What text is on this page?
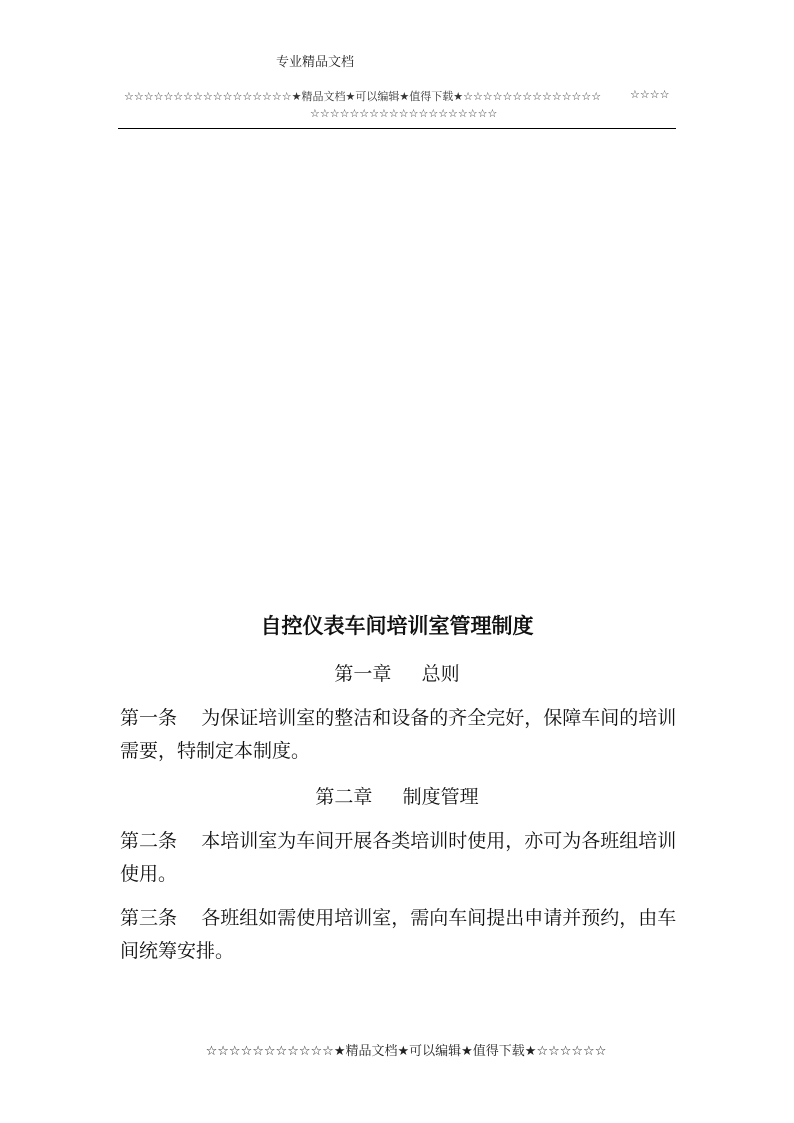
专业精品文档
☆☆☆☆☆☆☆☆☆☆☆☆☆☆☆☆☆★精品文档★可以编辑★值得下载★☆☆☆☆☆☆☆☆☆☆☆☆☆☆	☆☆☆☆
☆☆☆☆☆☆☆☆☆☆☆☆☆☆☆☆☆☆☆
自控仪表车间培训室管理制度
第一章     总则
第一条 为保证培训室的整洁和设备的齐全完好，保障车间的培训需要，特制定本制度。
第二章     制度管理
第二条 本培训室为车间开展各类培训时使用，亦可为各班组培训使用。
第三条 各班组如需使用培训室，需向车间提出申请并预约，由车间统筹安排。
☆☆☆☆☆☆☆☆☆☆☆★精品文档★可以编辑★值得下载★☆☆☆☆☆☆
